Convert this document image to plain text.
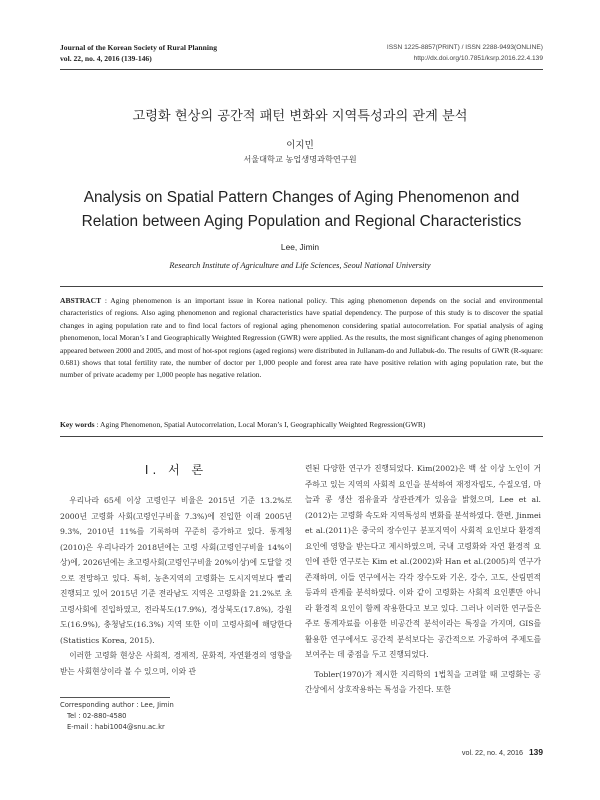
Journal of the Korean Society of Rural Planning
vol. 22, no. 4, 2016 (139-146)
ISSN 1225-8857(PRINT) / ISSN 2288-9493(ONLINE)
http://dx.doi.org/10.7851/ksrp.2016.22.4.139
고령화 현상의 공간적 패턴 변화와 지역특성과의 관계 분석
이지민
서울대학교 농업생명과학연구원
Analysis on Spatial Pattern Changes of Aging Phenomenon and
Relation between Aging Population and Regional Characteristics
Lee, Jimin
Research Institute of Agriculture and Life Sciences, Seoul National University
ABSTRACT : Aging phenomenon is an important issue in Korea national policy. This aging phenomenon depends on the social and environmental characteristics of regions. Also aging phenomenon and regional characteristics have spatial dependency. The purpose of this study is to discover the spatial changes in aging population rate and to find local factors of regional aging phenomenon considering spatial autocorrelation. For spatial analysis of aging phenomenon, local Moran’s I and Geographically Weighted Regression (GWR) were applied. As the results, the most significant changes of aging phenomenon appeared between 2000 and 2005, and most of hot-spot regions (aged regions) were distributed in Jullanam-do and Jullabuk-do. The results of GWR (R-square: 0.681) shows that total fertility rate, the number of doctor per 1,000 people and forest area rate have positive relation with aging population rate, but the number of private academy per 1,000 people has negative relation.
Key words : Aging Phenomenon, Spatial Autocorrelation, Local Moran’s I, Geographically Weighted Regression(GWR)
I. 서 론

우리나라 65세 이상 고령인구 비율은 2015년 기준 13.2%로 2000년 고령화 사회(고령인구비율 7.3%)에 진입한 이래 2005년 9.3%, 2010년 11%를 기록하며 꾸준히 증가하고 있다. 통계청(2010)은 우리나라가 2018년에는 고령 사회(고령인구비율 14%이상)에, 2026년에는 초고령사회(고령인구비율 20%이상)에 도달할 것으로 전망하고 있다. 특히, 농촌지역의 고령화는 도시지역보다 빨리 진행되고 있어 2015년 기준 전라남도 지역은 고령화율 21.2%로 초고령사회에 진입하였고, 전라북도(17.9%), 경상북도(17.8%), 강원도(16.9%), 충청남도(16.3%) 지역 또한 이미 고령사회에 해당한다(Statistics Korea, 2015).

이러한 고령화 현상은 사회적, 경제적, 문화적, 자연환경의 영향을 받는 사회현상이라 볼 수 있으며, 이와 관

련된 다양한 연구가 진행되었다. Kim(2002)은 백 살 이상 노인이 거주하고 있는 지역의 사회적 요인을 분석하여 재정자립도, 수질오염, 마늘과 콩 생산 점유율과 상관관계가 있음을 밝혔으며, Lee et al.(2012)는 고령화 속도와 지역특성의 변화를 분석하였다. 한편, Jinmei et al.(2011)은 중국의 장수인구 분포지역이 사회적 요인보다 환경적 요인에 영향을 받는다고 제시하였으며, 국내 고령화와 자연 환경적 요인에 관한 연구로는 Kim et al.(2002)와 Han et al.(2005)의 연구가 존재하며, 이들 연구에서는 각각 장수도와 기온, 강수, 고도, 산림면적 등과의 관계를 분석하였다. 이와 같이 고령화는 사회적 요인뿐만 아니라 환경적 요인이 함께 작용한다고 보고 있다. 그러나 이러한 연구들은 주로 통계자료를 이용한 비공간적 분석이라는 특징을 가지며, GIS를 활용한 연구에서도 공간적 분석보다는 공간적으로 가공하여 주제도를 보여주는 데 중점을 두고 진행되었다.

Tobler(1970)가 제시한 지리학의 1법칙을 고려할 때 고령화는 공간상에서 상호작용하는 특성을 가진다. 또한

Corresponding author : Lee, Jimin
Tel : 02-880-4580
E-mail : habi1004@snu.ac.kr
vol. 22, no. 4, 2016 139
